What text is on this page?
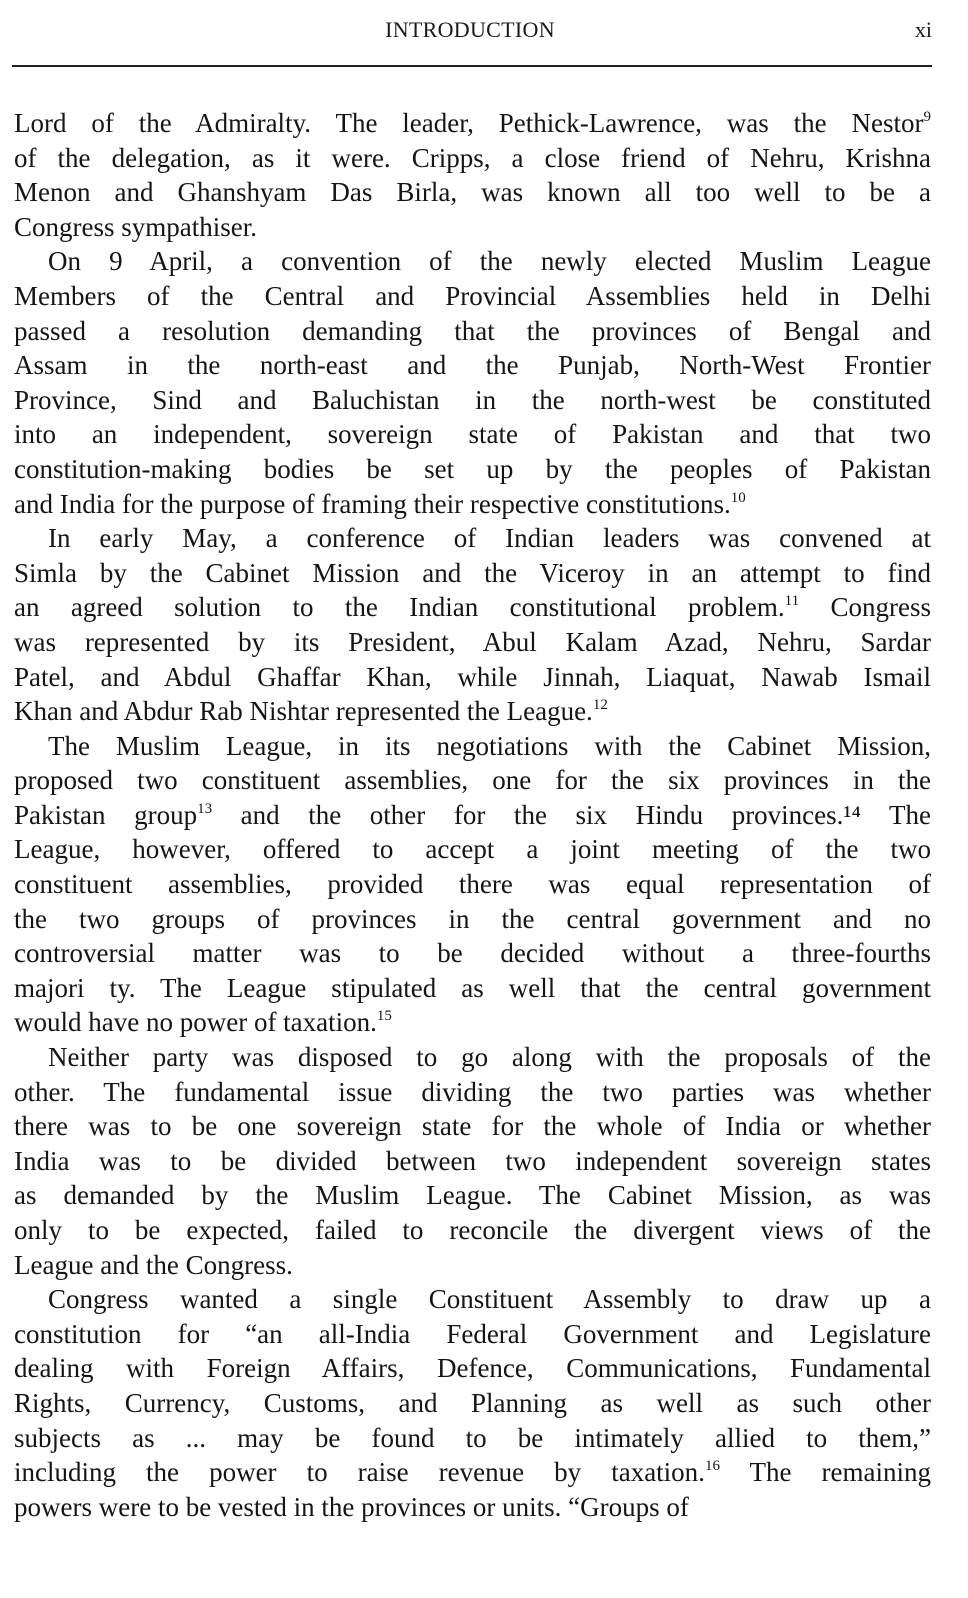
INTRODUCTION	xi
Lord of the Admiralty. The leader, Pethick-Lawrence, was the Nestor$^9$
of the delegation, as it were. Cripps, a close friend of Nehru, Krishna
Menon and Ghanshyam Das Birla, was known all too well to be a
Congress sympathiser.
On 9 April, a convention of the newly elected Muslim League
Members of the Central and Provincial Assemblies held in Delhi
passed a resolution demanding that the provinces of Bengal and
Assam in the north-east and the Punjab, North-West Frontier
Province, Sind and Baluchistan in the north-west be constituted
into an independent, sovereign state of Pakistan and that two
constitution-making bodies be set up by the peoples of Pakistan
and India for the purpose of framing their respective constitutions.$^{10}$
In early May, a conference of Indian leaders was convened at
Simla by the Cabinet Mission and the Viceroy in an attempt to find
an agreed solution to the Indian constitutional problem.$^{11}$ Congress
was represented by its President, Abul Kalam Azad, Nehru, Sardar
Patel, and Abdul Ghaffar Khan, while Jinnah, Liaquat, Nawab Ismail
Khan and Abdur Rab Nishtar represented the League.$^{12}$
The Muslim League, in its negotiations with the Cabinet Mission,
proposed two constituent assemblies, one for the six provinces in the
Pakistan group$^{13}$ and the other for the six Hindu provinces.¹⁴ The
League, however, offered to accept a joint meeting of the two
constituent assemblies, provided there was equal representation of
the two groups of provinces in the central government and no
controversial matter was to be decided without a three-fourths
majori ty. The League stipulated as well that the central government
would have no power of taxation.$^{15}$
Neither party was disposed to go along with the proposals of the
other. The fundamental issue dividing the two parties was whether
there was to be one sovereign state for the whole of India or whether
India was to be divided between two independent sovereign states
as demanded by the Muslim League. The Cabinet Mission, as was
only to be expected, failed to reconcile the divergent views of the
League and the Congress.
Congress wanted a single Constituent Assembly to draw up a
constitution for “an all-India Federal Government and Legislature
dealing with Foreign Affairs, Defence, Communications, Fundamental
Rights, Currency, Customs, and Planning as well as such other
subjects as ... may be found to be intimately allied to them,”
including the power to raise revenue by taxation.$^{16}$ The remaining
powers were to be vested in the provinces or units. “Groups of
